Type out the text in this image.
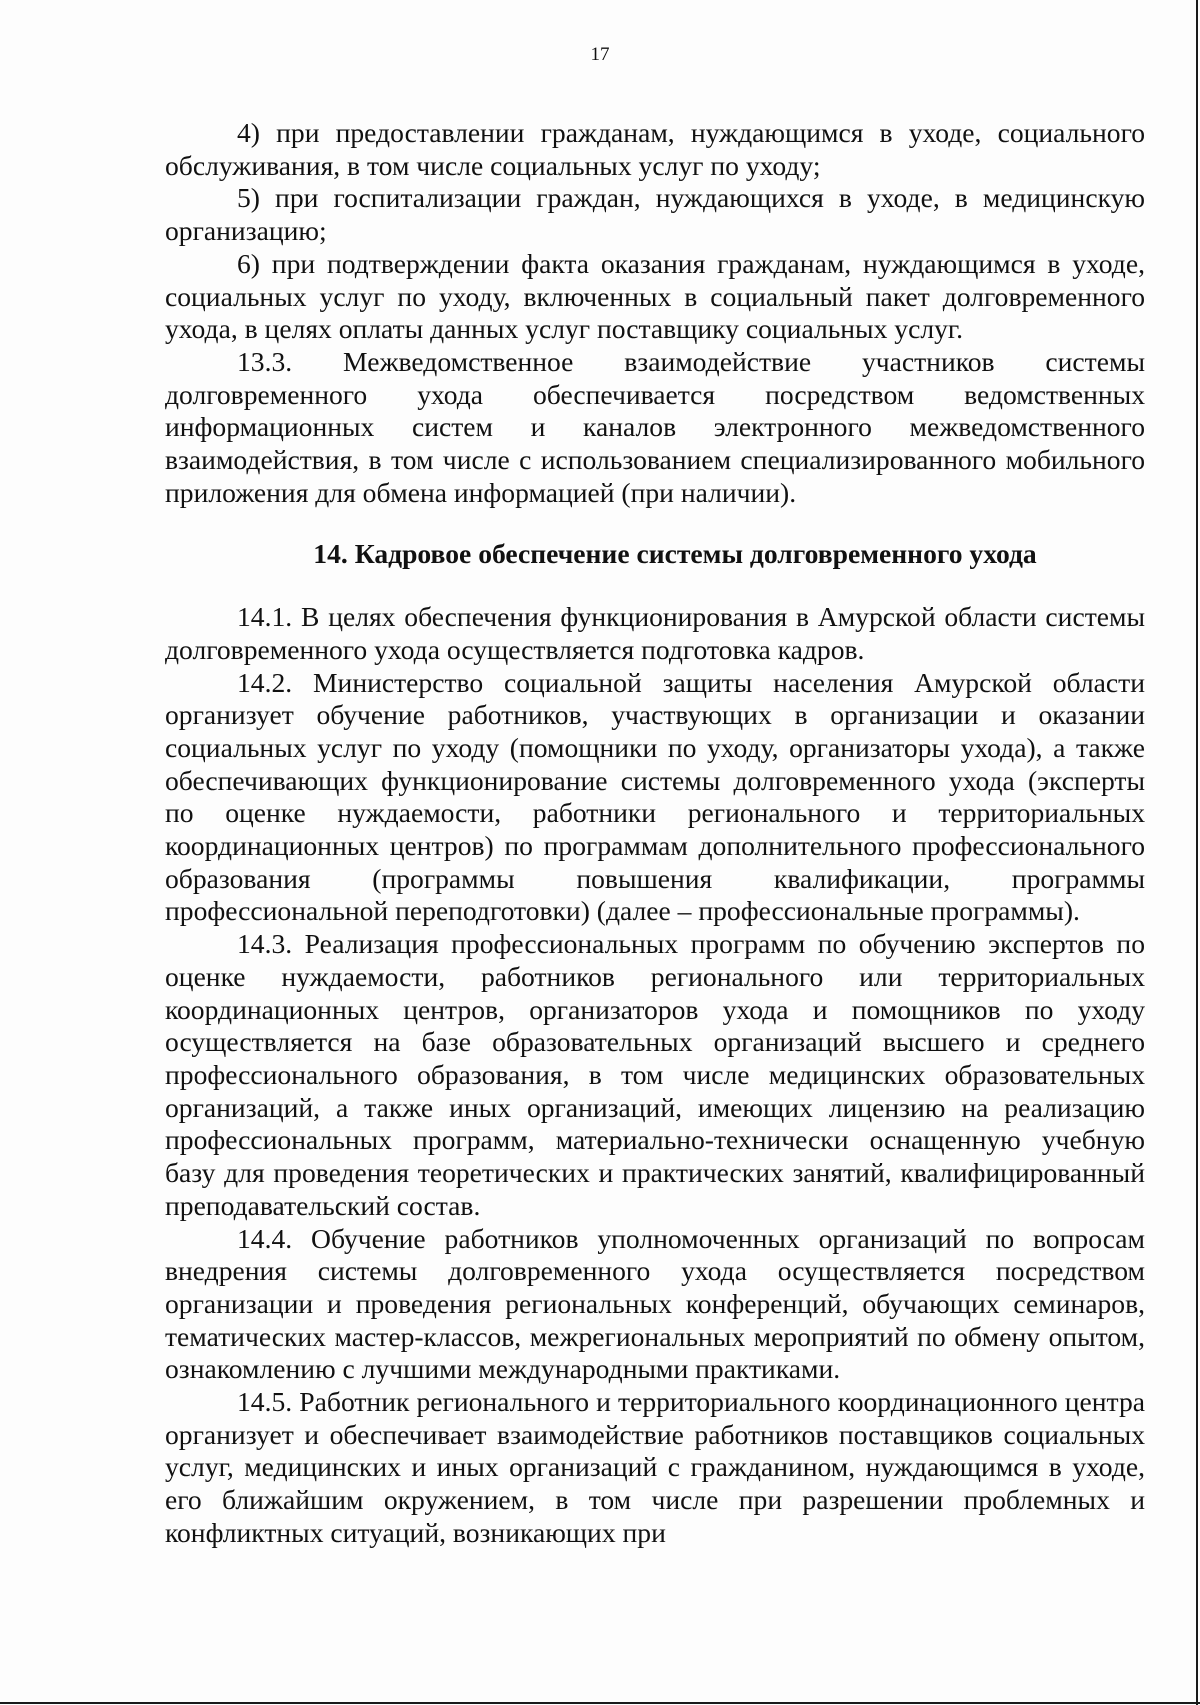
17

4) при предоставлении гражданам, нуждающимся в уходе, социального обслуживания, в том числе социальных услуг по уходу;

5) при госпитализации граждан, нуждающихся в уходе, в медицинскую организацию;

6) при подтверждении факта оказания гражданам, нуждающимся в уходе, социальных услуг по уходу, включенных в социальный пакет долговременного ухода, в целях оплаты данных услуг поставщику социальных услуг.

13.3. Межведомственное взаимодействие участников системы долговременного ухода обеспечивается посредством ведомственных информационных систем и каналов электронного межведомственного взаимодействия, в том числе с использованием специализированного мобильного приложения для обмена информацией (при наличии).

14. Кадровое обеспечение системы долговременного ухода

14.1. В целях обеспечения функционирования в Амурской области системы долговременного ухода осуществляется подготовка кадров.

14.2. Министерство социальной защиты населения Амурской области организует обучение работников, участвующих в организации и оказании социальных услуг по уходу (помощники по уходу, организаторы ухода), а также обеспечивающих функционирование системы долговременного ухода (эксперты по оценке нуждаемости, работники регионального и территориальных координационных центров) по программам дополнительного профессионального образования (программы повышения квалификации, программы профессиональной переподготовки) (далее – профессиональные программы).

14.3. Реализация профессиональных программ по обучению экспертов по оценке нуждаемости, работников регионального или территориальных координационных центров, организаторов ухода и помощников по уходу осуществляется на базе образовательных организаций высшего и среднего профессионального образования, в том числе медицинских образовательных организаций, а также иных организаций, имеющих лицензию на реализацию профессиональных программ, материально-технически оснащенную учебную базу для проведения теоретических и практических занятий, квалифицированный преподавательский состав.

14.4. Обучение работников уполномоченных организаций по вопросам внедрения системы долговременного ухода осуществляется посредством организации и проведения региональных конференций, обучающих семинаров, тематических мастер-классов, межрегиональных мероприятий по обмену опытом, ознакомлению с лучшими международными практиками.

14.5. Работник регионального и территориального координационного центра организует и обеспечивает взаимодействие работников поставщиков социальных услуг, медицинских и иных организаций с гражданином, нуждающимся в уходе, его ближайшим окружением, в том числе при разрешении проблемных и конфликтных ситуаций, возникающих при
